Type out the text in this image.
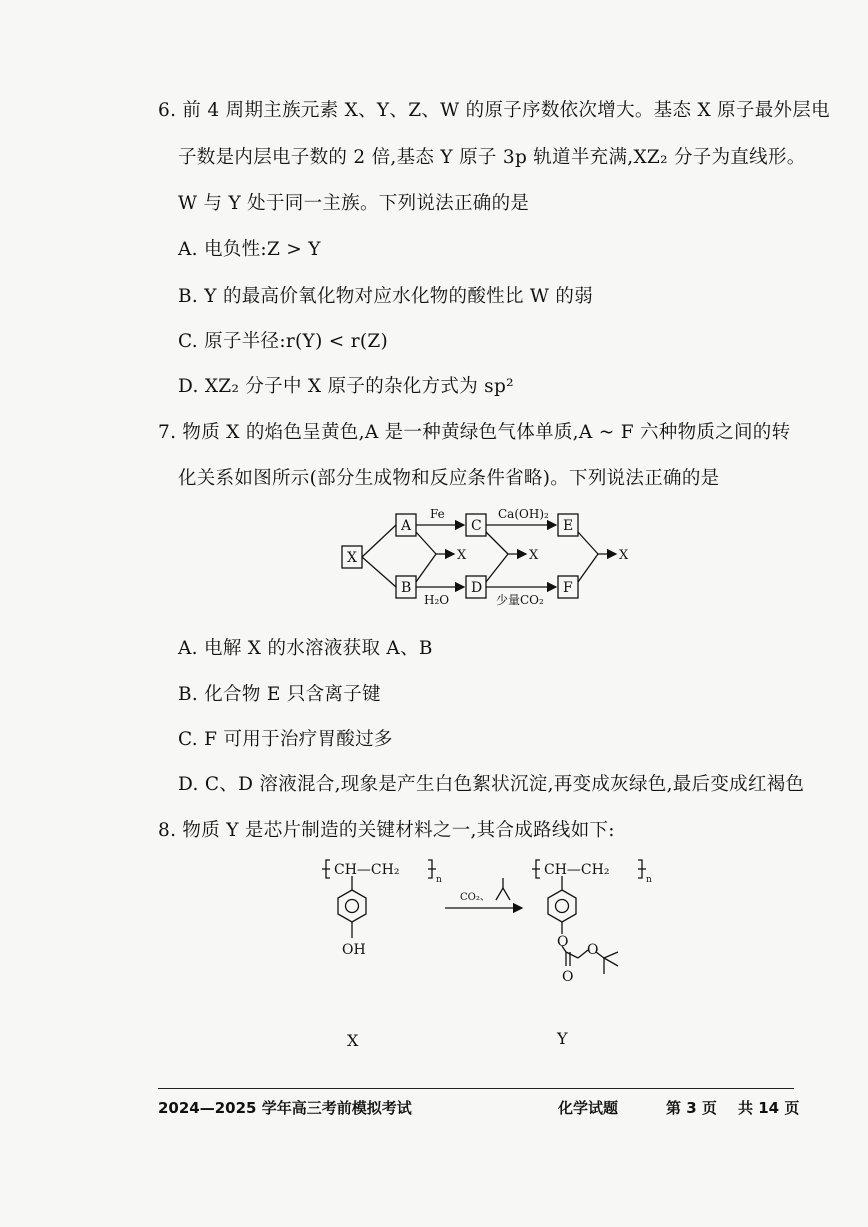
6. 前 4 周期主族元素 X、Y、Z、W 的原子序数依次增大。基态 X 原子最外层电
子数是内层电子数的 2 倍,基态 Y 原子 3p 轨道半充满,XZ₂ 分子为直线形。
W 与 Y 处于同一主族。下列说法正确的是
A. 电负性:Z > Y
B. Y 的最高价氧化物对应水化物的酸性比 W 的弱
C. 原子半径:r(Y) < r(Z)
D. XZ₂ 分子中 X 原子的杂化方式为 sp²
7. 物质 X 的焰色呈黄色,A 是一种黄绿色气体单质,A ~ F 六种物质之间的转
化关系如图所示(部分生成物和反应条件省略)。下列说法正确的是
X
A
B
C
D
E
F
Fe	Ca(OH)₂
H₂O	少量CO₂
X	X	X
A. 电解 X 的水溶液获取 A、B
B. 化合物 E 只含离子键
C. F 可用于治疗胃酸过多
D. C、D 溶液混合,现象是产生白色絮状沉淀,再变成灰绿色,最后变成红褐色
8. 物质 Y 是芯片制造的关键材料之一,其合成路线如下:
CH—CH₂
n
OH
CO₂、
CH—CH₂
n
O O
O
X	Y
2024—2025 学年高三考前模拟考试	化学试题	第 3 页 共 14 页
